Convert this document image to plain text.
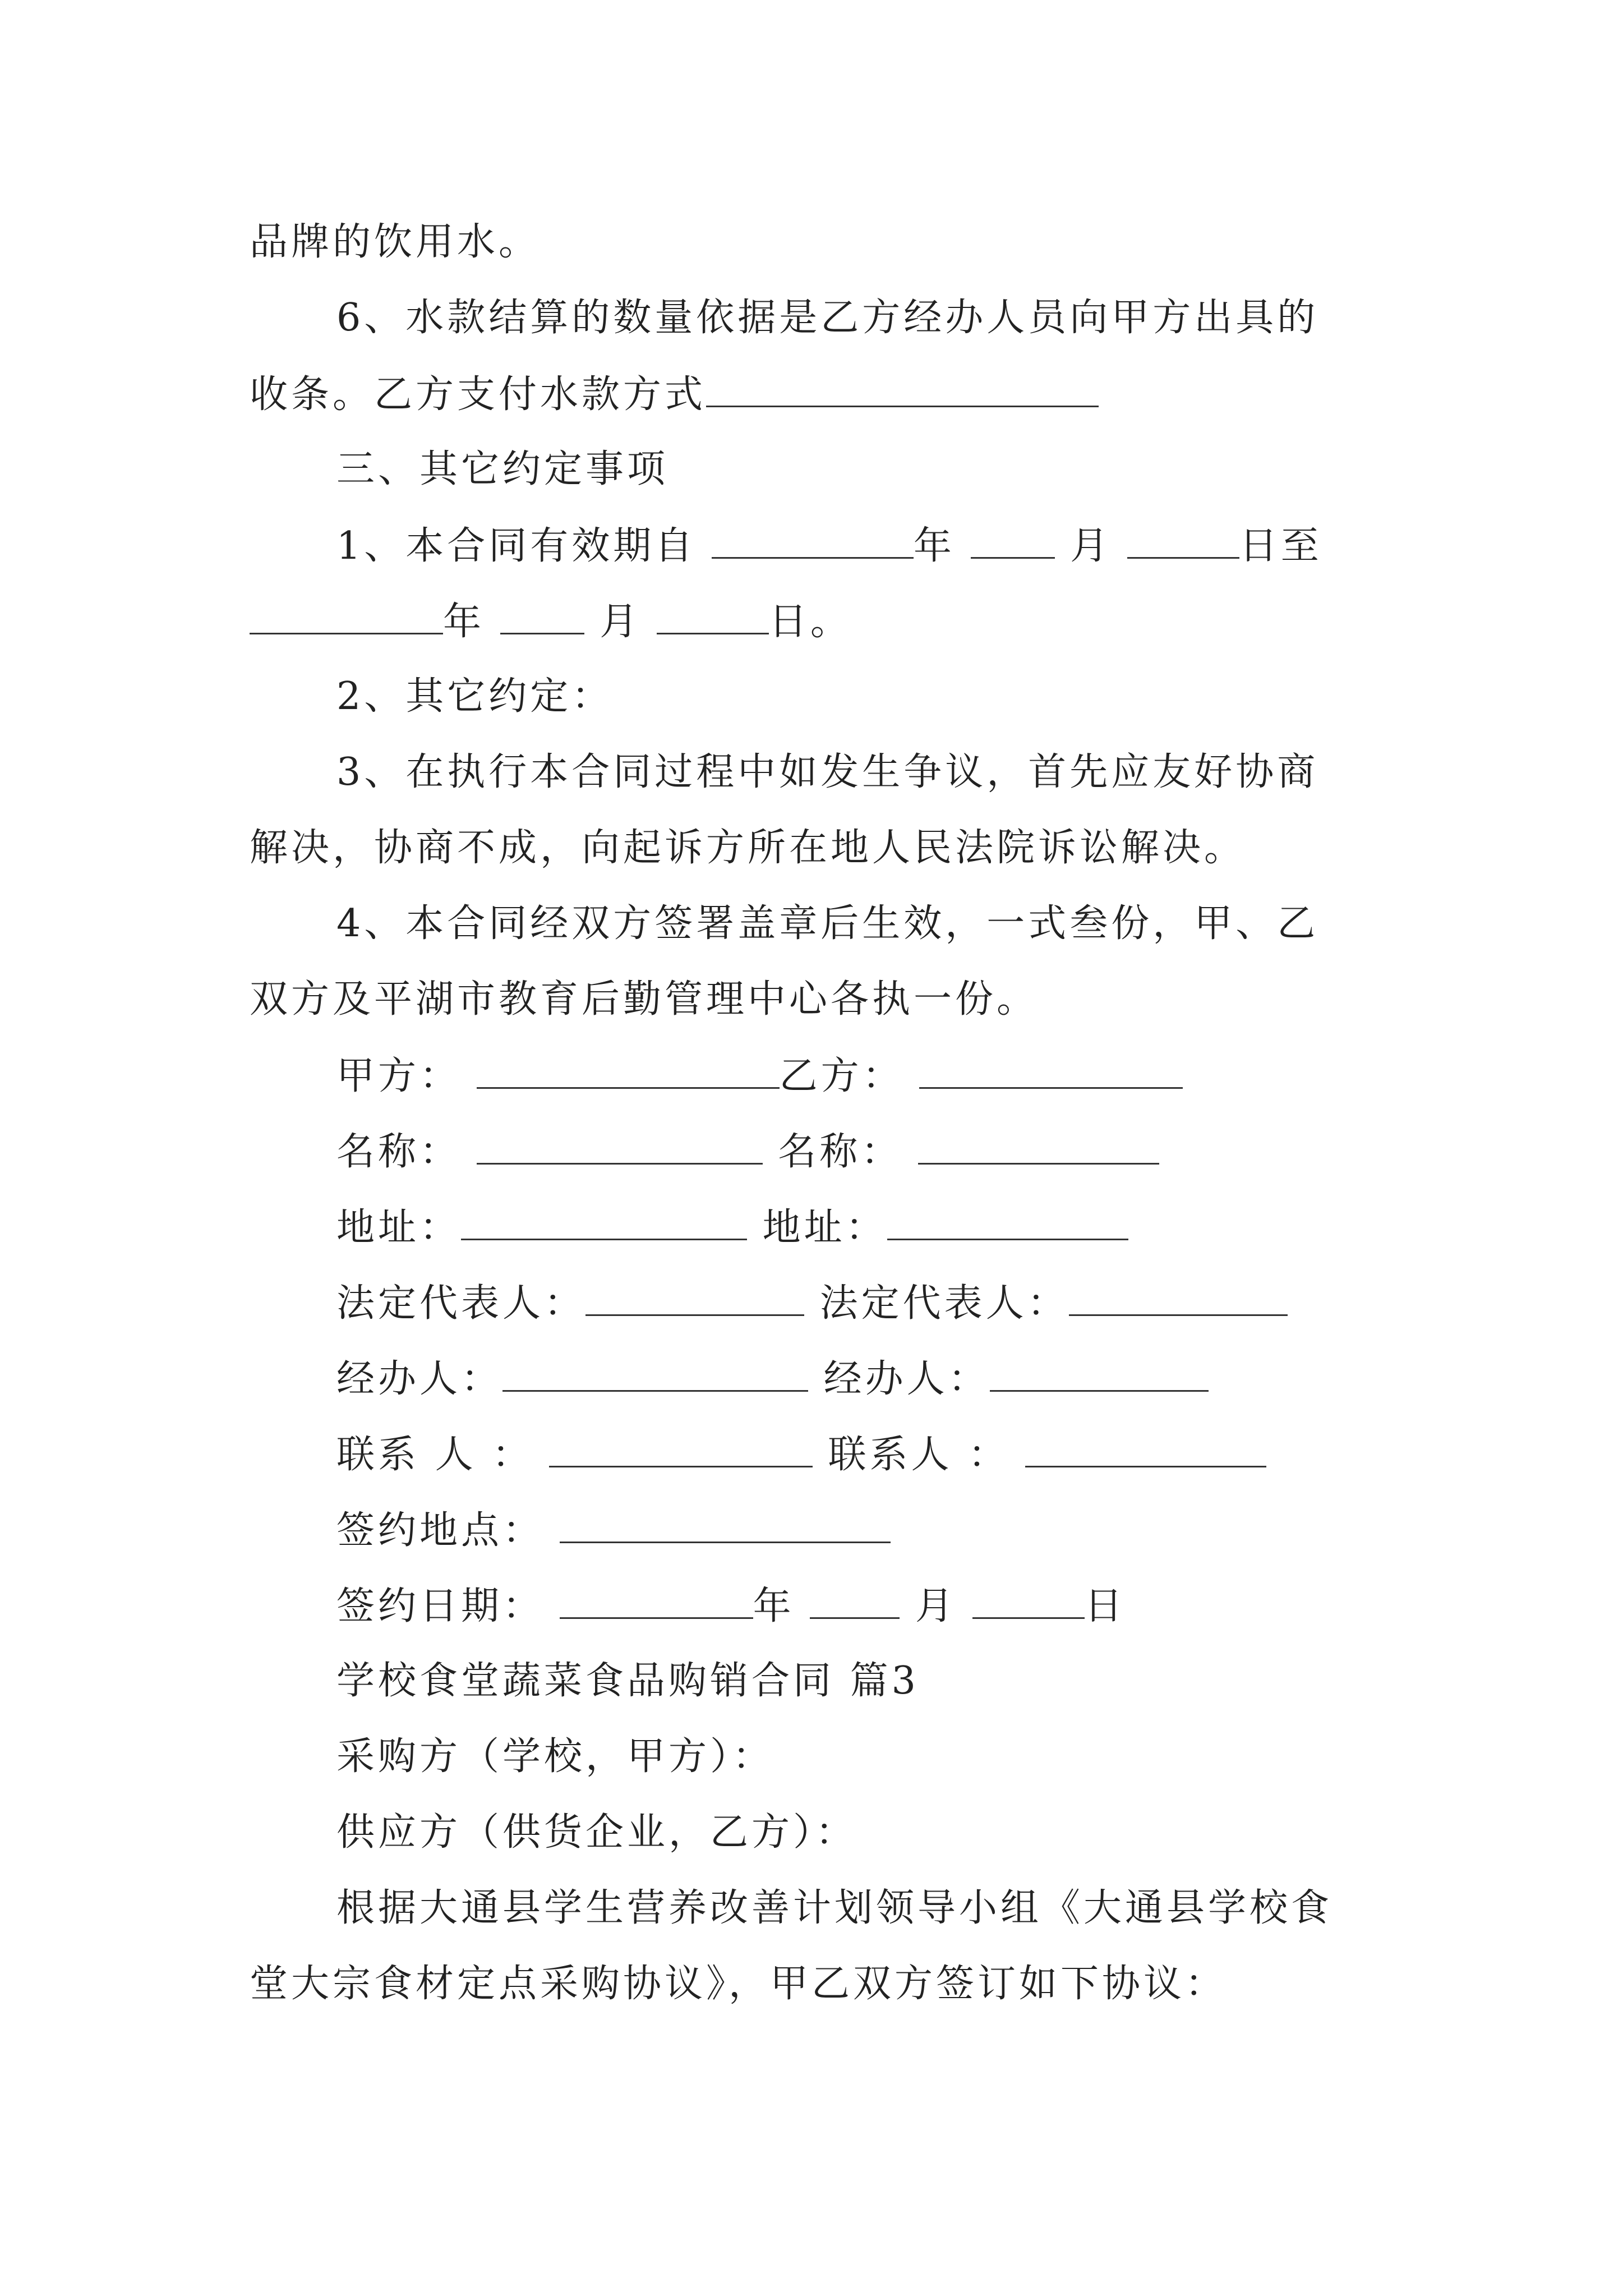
品牌的饮用水。
6、水款结算的数量依据是乙方经办人员向甲方出具的
收条。乙方支付水款方式
三、其它约定事项
1、本合同有效期自	年	月	日至
年	月	日。
2、其它约定：
3、在执行本合同过程中如发生争议，首先应友好协商
解决，协商不成，向起诉方所在地人民法院诉讼解决。
4、本合同经双方签署盖章后生效，一式叁份，甲、乙
双方及平湖市教育后勤管理中心各执一份。
甲方：	乙方：
名称：	名称：
地址：	地址：
法定代表人：	法定代表人：
经办人：	经办人：
联系 人 ：	联系人 ：
签约地点：
签约日期：	年	月	日
学校食堂蔬菜食品购销合同 篇3
采购方（学校，甲方）：
供应方（供货企业，乙方）：
根据大通县学生营养改善计划领导小组《大通县学校食
堂大宗食材定点采购协议》，甲乙双方签订如下协议：
